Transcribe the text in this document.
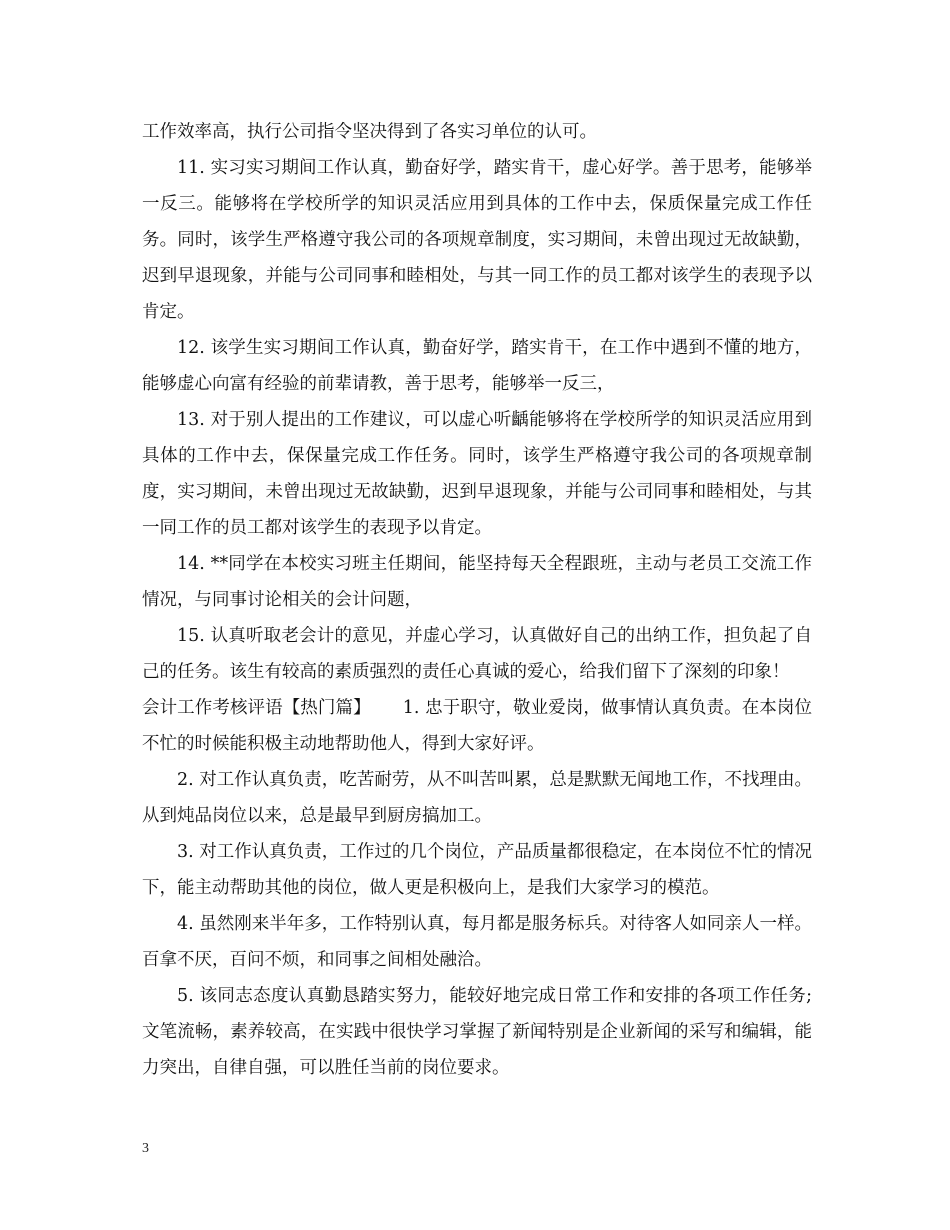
工作效率高，执行公司指令坚决得到了各实习单位的认可。

11. 实习实习期间工作认真，勤奋好学，踏实肯干，虚心好学。善于思考，能够举一反三。能够将在学校所学的知识灵活应用到具体的工作中去，保质保量完成工作任务。同时，该学生严格遵守我公司的各项规章制度，实习期间，未曾出现过无故缺勤，迟到早退现象，并能与公司同事和睦相处，与其一同工作的员工都对该学生的表现予以肯定。

12. 该学生实习期间工作认真，勤奋好学，踏实肯干，在工作中遇到不懂的地方，能够虚心向富有经验的前辈请教，善于思考，能够举一反三，

13. 对于别人提出的工作建议，可以虚心听齲能够将在学校所学的知识灵活应用到具体的工作中去，保保量完成工作任务。同时，该学生严格遵守我公司的各项规章制度，实习期间，未曾出现过无故缺勤，迟到早退现象，并能与公司同事和睦相处，与其一同工作的员工都对该学生的表现予以肯定。

14. **同学在本校实习班主任期间，能坚持每天全程跟班，主动与老员工交流工作情况，与同事讨论相关的会计问题，

15. 认真听取老会计的意见，并虚心学习，认真做好自己的出纳工作，担负起了自己的任务。该生有较高的素质强烈的责任心真诚的爱心，给我们留下了深刻的印象！

会计工作考核评语【热门篇】　　 1. 忠于职守，敬业爱岗，做事情认真负责。在本岗位不忙的时候能积极主动地帮助他人，得到大家好评。

2. 对工作认真负责，吃苦耐劳，从不叫苦叫累，总是默默无闻地工作，不找理由。从到炖品岗位以来，总是最早到厨房搞加工。

3. 对工作认真负责，工作过的几个岗位，产品质量都很稳定，在本岗位不忙的情况下，能主动帮助其他的岗位，做人更是积极向上，是我们大家学习的模范。

4. 虽然刚来半年多，工作特别认真，每月都是服务标兵。对待客人如同亲人一样。百拿不厌，百问不烦，和同事之间相处融洽。

5. 该同志态度认真勤恳踏实努力，能较好地完成日常工作和安排的各项工作任务;文笔流畅，素养较高，在实践中很快学习掌握了新闻特别是企业新闻的采写和编辑，能力突出，自律自强，可以胜任当前的岗位要求。

3
